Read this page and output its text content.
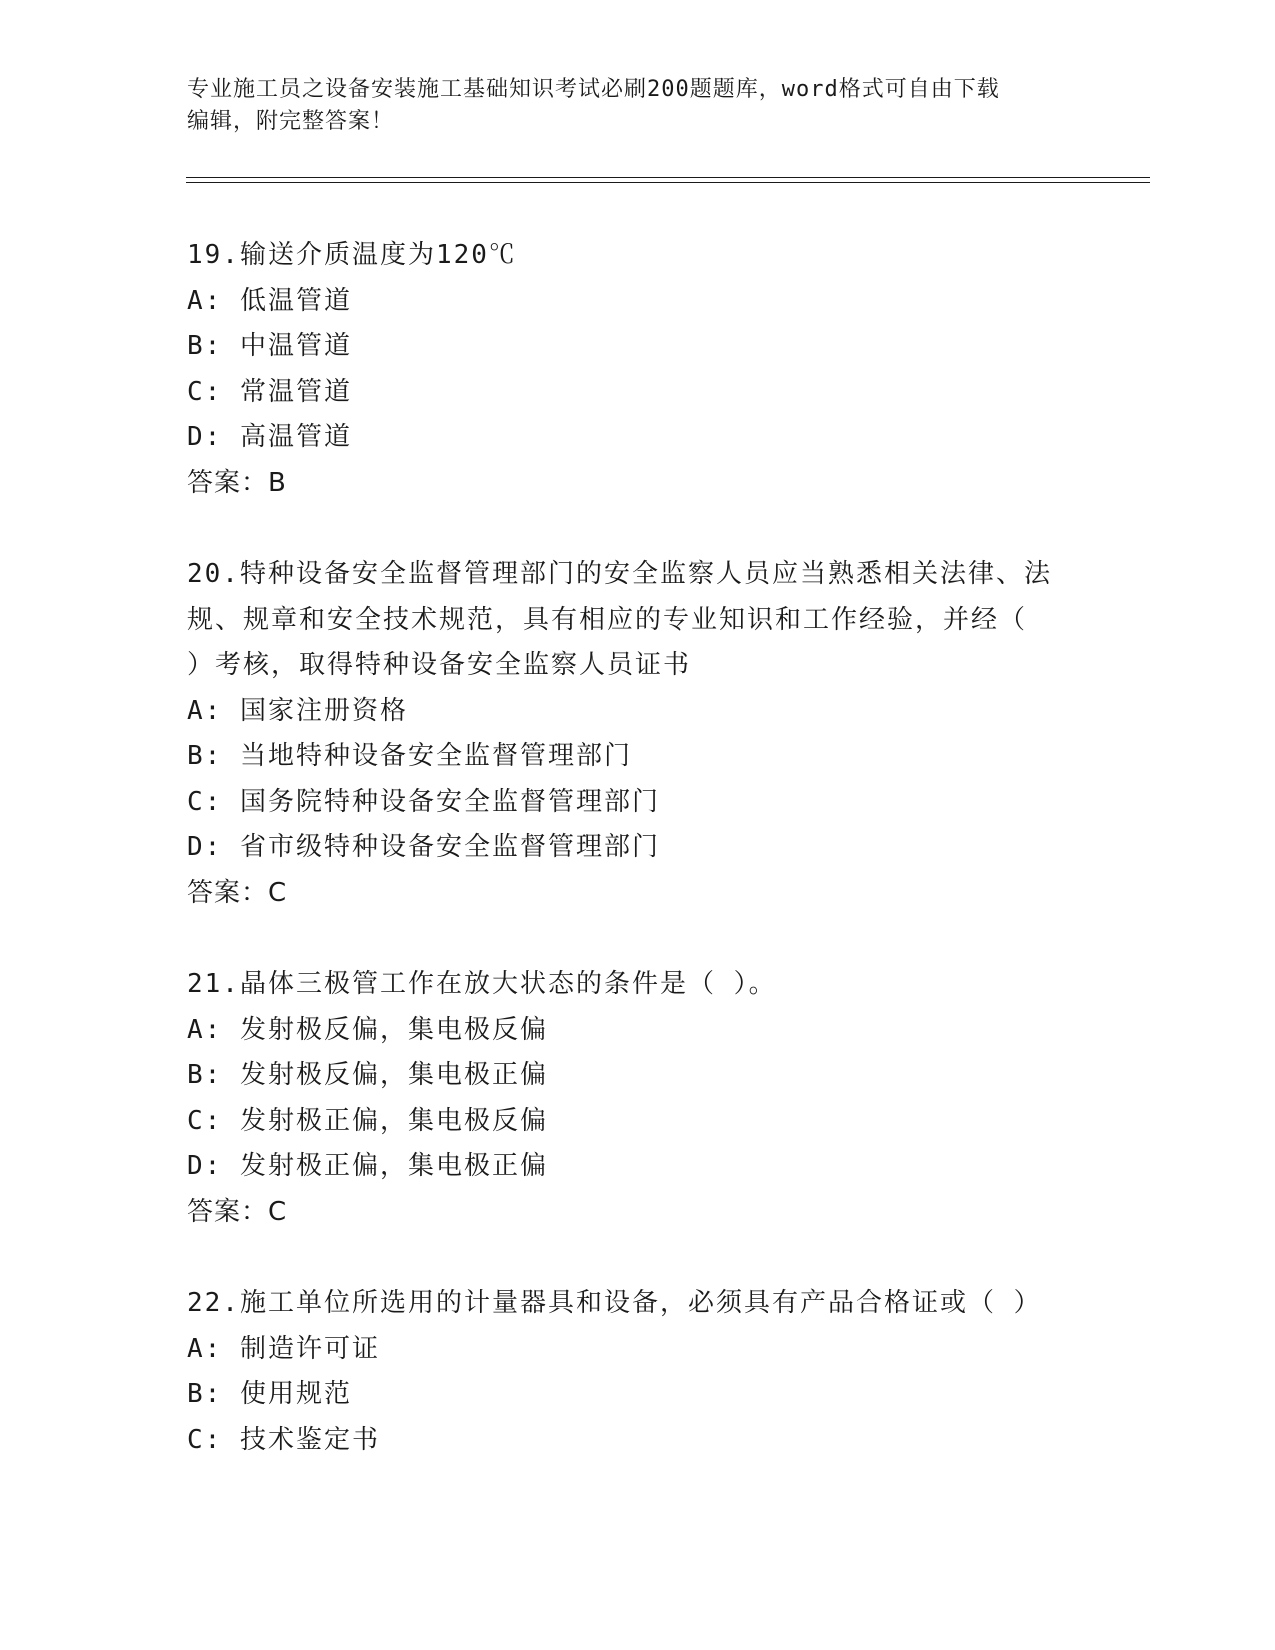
专业施工员之设备安装施工基础知识考试必刷200题题库，word格式可自由下载
编辑，附完整答案！
19.输送介质温度为120℃
A: 低温管道
B: 中温管道
C: 常温管道
D: 高温管道
答案：B
20.特种设备安全监督管理部门的安全监察人员应当熟悉相关法律、法
规、规章和安全技术规范，具有相应的专业知识和工作经验，并经（
）考核，取得特种设备安全监察人员证书
A: 国家注册资格
B: 当地特种设备安全监督管理部门
C: 国务院特种设备安全监督管理部门
D: 省市级特种设备安全监督管理部门
答案：C
21.晶体三极管工作在放大状态的条件是（ ）。
A: 发射极反偏，集电极反偏
B: 发射极反偏，集电极正偏
C: 发射极正偏，集电极反偏
D: 发射极正偏，集电极正偏
答案：C
22.施工单位所选用的计量器具和设备，必须具有产品合格证或（ ）
A: 制造许可证
B: 使用规范
C: 技术鉴定书
